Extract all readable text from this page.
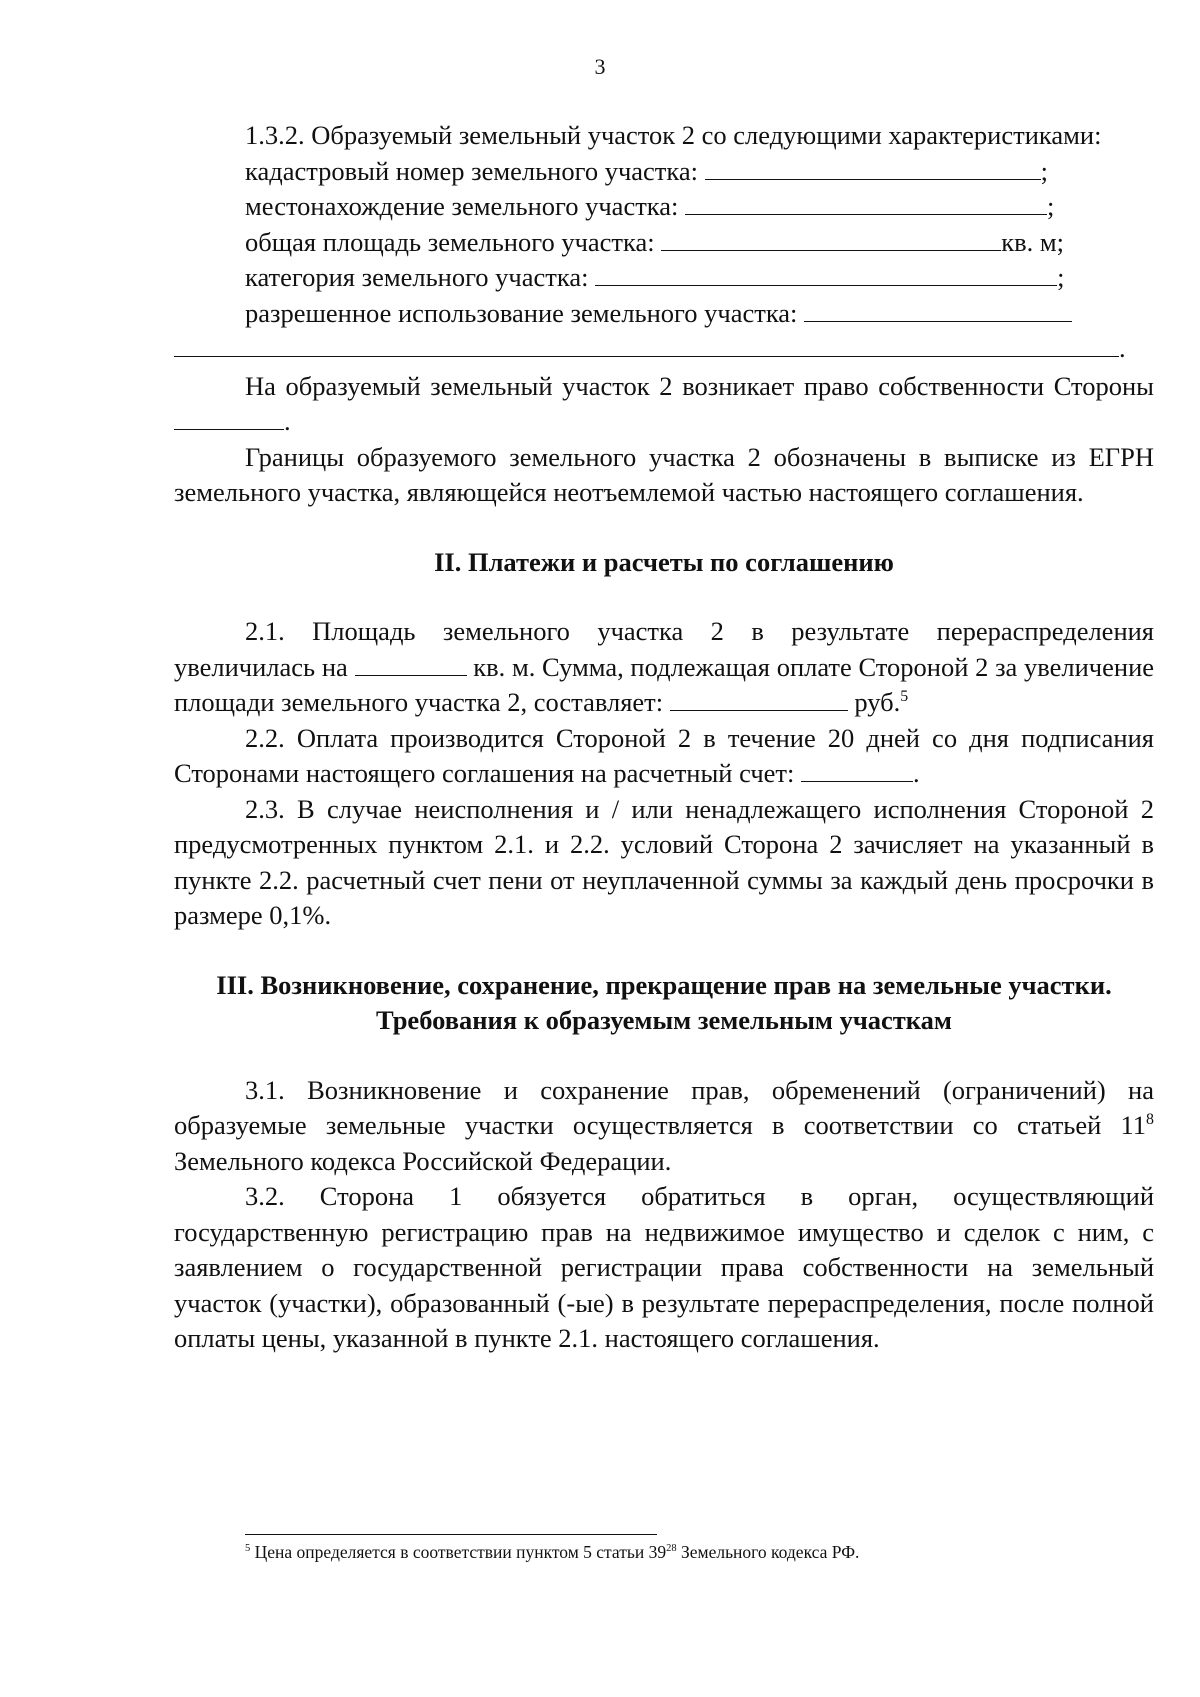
3

1.3.2. Образуемый земельный участок 2 со следующими характеристиками:

кадастровый номер земельного участка:	;
местонахождение земельного участка:	;
общая площадь земельного участка:	кв. м;
категория земельного участка:	;
разрешенное использование земельного участка:
.

На образуемый земельный участок 2 возникает право собственности Стороны .

Границы образуемого земельного участка 2 обозначены в выписке из ЕГРН земельного участка, являющейся неотъемлемой частью настоящего соглашения.

II. Платежи и расчеты по соглашению

2.1. Площадь земельного участка 2 в результате перераспределения увеличилась на	кв. м. Сумма, подлежащая оплате Стороной 2 за увеличение площади земельного участка 2, составляет:	руб.$^5$

2.2. Оплата производится Стороной 2 в течение 20 дней со дня подписания Сторонами настоящего соглашения на расчетный счет:	.

2.3. В случае неисполнения и / или ненадлежащего исполнения Стороной 2 предусмотренных пунктом 2.1. и 2.2. условий Сторона 2 зачисляет на указанный в пункте 2.2. расчетный счет пени от неуплаченной суммы за каждый день просрочки в размере 0,1%.

III. Возникновение, сохранение, прекращение прав на земельные участки.
Требования к образуемым земельным участкам

3.1. Возникновение и сохранение прав, обременений (ограничений) на образуемые земельные участки осуществляется в соответствии со статьей $11^8$ Земельного кодекса Российской Федерации.

3.2. Сторона 1 обязуется обратиться в орган, осуществляющий государственную регистрацию прав на недвижимое имущество и сделок с ним, с заявлением о государственной регистрации права собственности на земельный участок (участки), образованный (-ые) в результате перераспределения, после полной оплаты цены, указанной в пункте 2.1. настоящего соглашения.

$^5$ Цена определяется в соответствии пунктом 5 статьи $39^{28}$ Земельного кодекса РФ.
